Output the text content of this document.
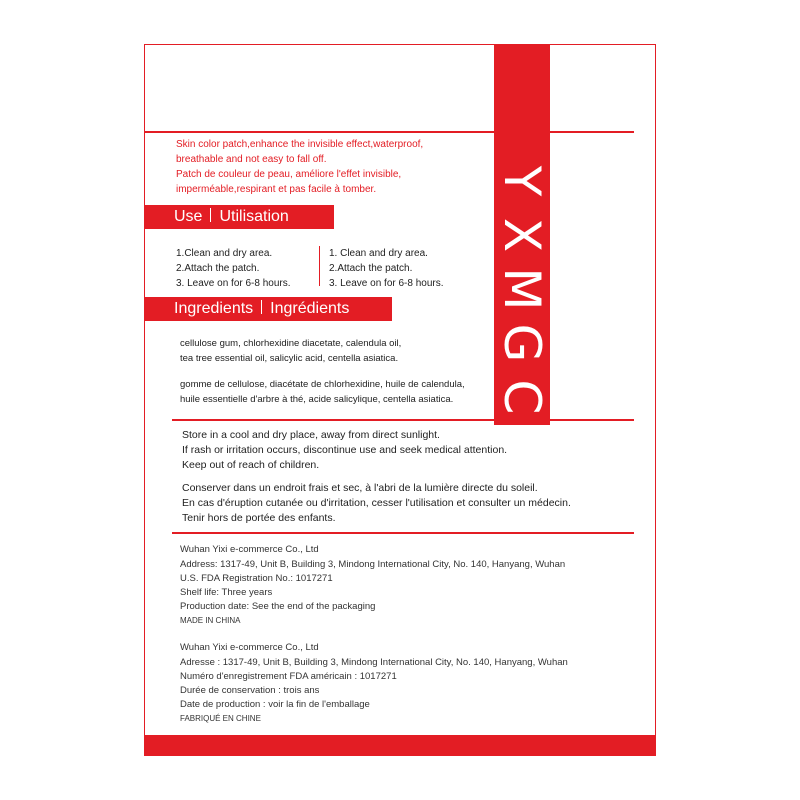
Y
X
M
G
C
Skin color patch,enhance the invisible effect,waterproof,
breathable and not easy to fall off.
Patch de couleur de peau, améliore l'effet invisible,
imperméable,respirant et pas facile à tomber.
Use Utilisation
1.Clean and dry area.
2.Attach the patch.
3. Leave on for 6-8 hours.
1. Clean and dry area.
2.Attach the patch.
3. Leave on for 6-8 hours.
Ingredients Ingrédients
cellulose gum, chlorhexidine diacetate, calendula oil,
tea tree essential oil, salicylic acid, centella asiatica.
gomme de cellulose, diacétate de chlorhexidine, huile de calendula,
huile essentielle d'arbre à thé, acide salicylique, centella asiatica.
Store in a cool and dry place, away from direct sunlight.
If rash or irritation occurs, discontinue use and seek medical attention.
Keep out of reach of children.
Conserver dans un endroit frais et sec, à l'abri de la lumière directe du soleil.
En cas d'éruption cutanée ou d'irritation, cesser l'utilisation et consulter un médecin.
Tenir hors de portée des enfants.
Wuhan Yixi e-commerce Co., Ltd
Address: 1317-49, Unit B, Building 3, Mindong International City, No. 140, Hanyang, Wuhan
U.S. FDA Registration No.: 1017271
Shelf life: Three years
Production date: See the end of the packaging
MADE IN CHINA
Wuhan Yixi e-commerce Co., Ltd
Adresse : 1317-49, Unit B, Building 3, Mindong International City, No. 140, Hanyang, Wuhan
Numéro d'enregistrement FDA américain : 1017271
Durée de conservation : trois ans
Date de production : voir la fin de l'emballage
FABRIQUÉ EN CHINE
